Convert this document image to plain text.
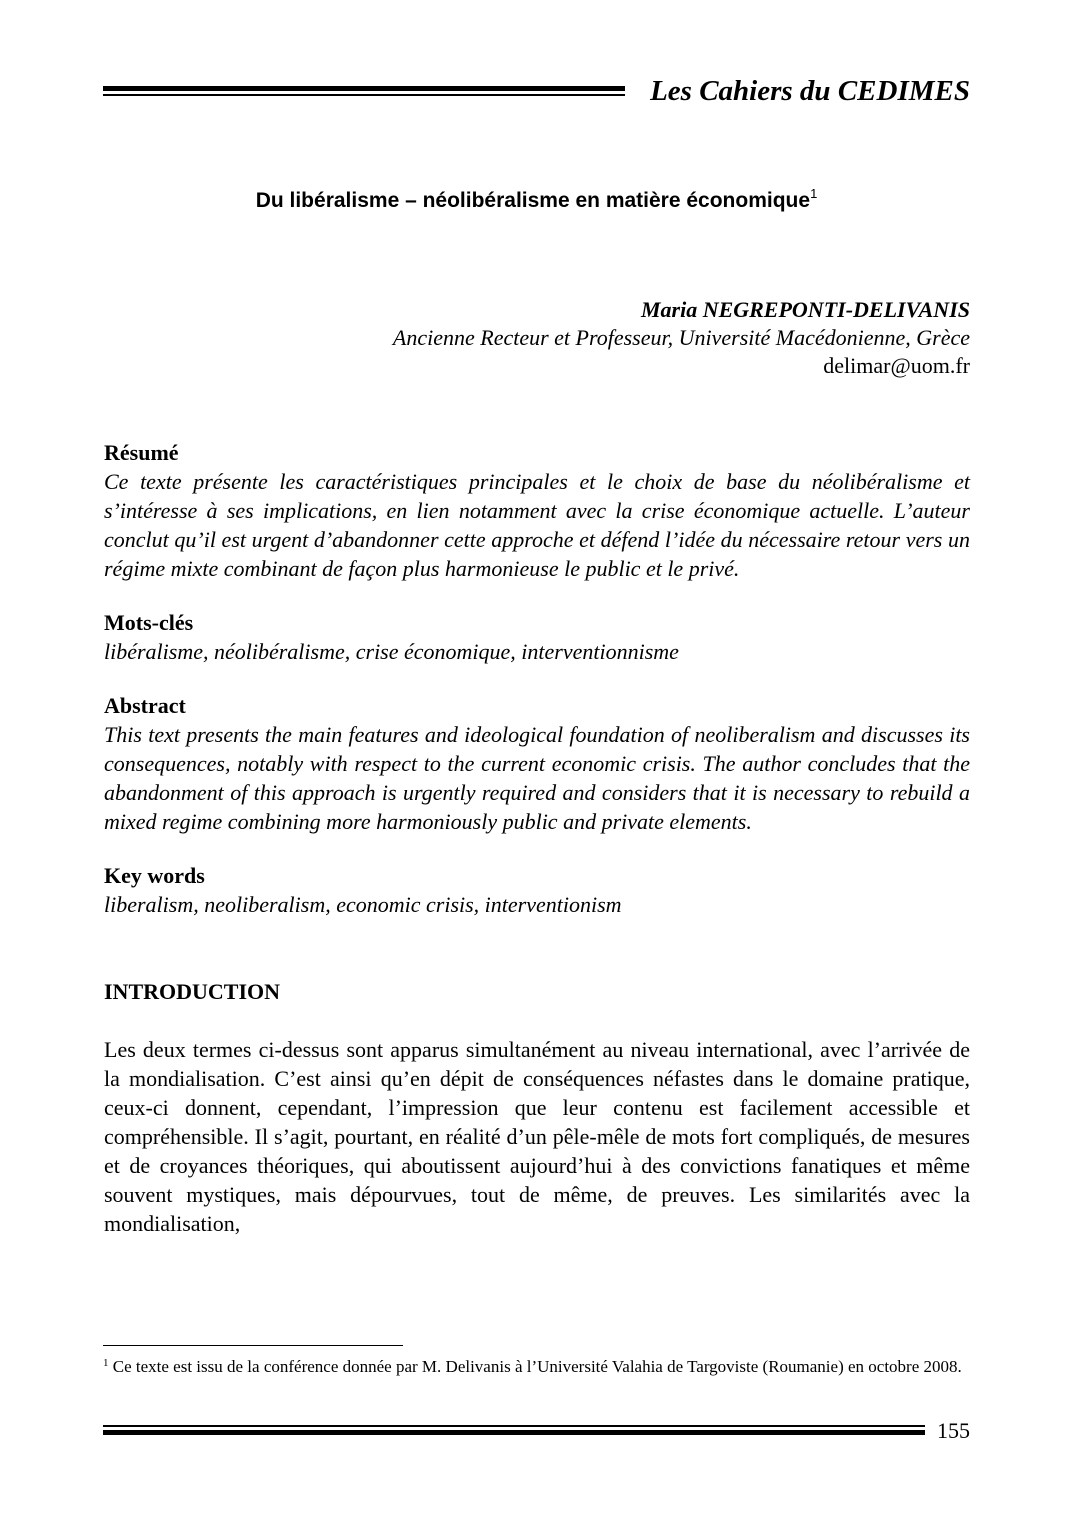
Les Cahiers du CEDIMES
Du libéralisme – néolibéralisme en matière économique$^1$
Maria NEGREPONTI-DELIVANIS
Ancienne Recteur et Professeur, Université Macédonienne, Grèce
delimar@uom.fr
Résumé
Ce texte présente les caractéristiques principales et le choix de base du néolibéralisme et s’intéresse à ses implications, en lien notamment avec la crise économique actuelle. L’auteur conclut qu’il est urgent d’abandonner cette approche et défend l’idée du nécessaire retour vers un régime mixte combinant de façon plus harmonieuse le public et le privé.
Mots-clés
libéralisme, néolibéralisme, crise économique, interventionnisme
Abstract
This text presents the main features and ideological foundation of neoliberalism and discusses its consequences, notably with respect to the current economic crisis. The author concludes that the abandonment of this approach is urgently required and considers that it is necessary to rebuild a mixed regime combining more harmoniously public and private elements.
Key words
liberalism, neoliberalism, economic crisis, interventionism
INTRODUCTION
Les deux termes ci-dessus sont apparus simultanément au niveau international, avec l’arrivée de la mondialisation. C’est ainsi qu’en dépit de conséquences néfastes dans le domaine pratique, ceux-ci donnent, cependant, l’impression que leur contenu est facilement accessible et compréhensible. Il s’agit, pourtant, en réalité d’un pêle-mêle de mots fort compliqués, de mesures et de croyances théoriques, qui aboutissent aujourd’hui à des convictions fanatiques et même souvent mystiques, mais dépourvues, tout de même, de preuves. Les similarités avec la mondialisation,
$^1$ Ce texte est issu de la conférence donnée par M. Delivanis à l’Université Valahia de Targoviste (Roumanie) en octobre 2008.
155
